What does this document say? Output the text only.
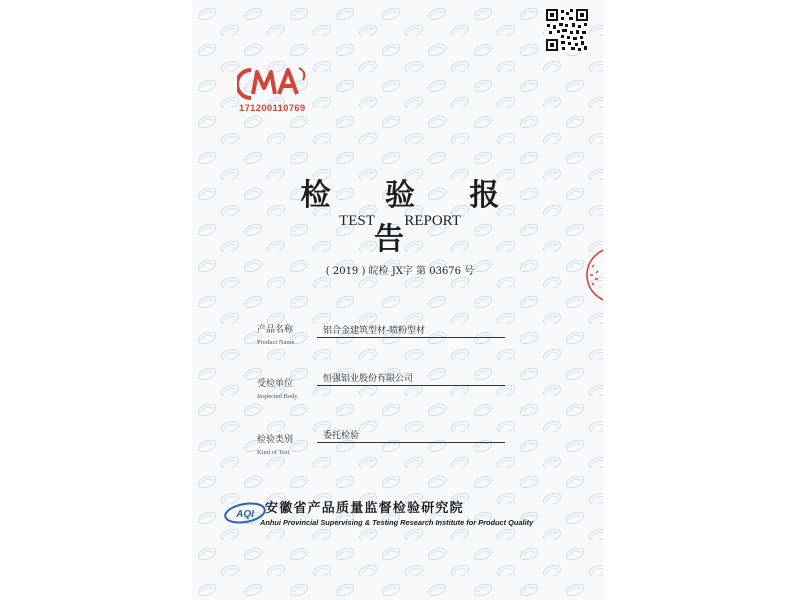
171200110769
检 验 报 告
TEST REPORT
( 2019 ) 皖检 JX字 第 03676 号
产品名称
Product Name
铝合金建筑型材-喷粉型材
受检单位
Inspected Body
恒强铝业股份有限公司
检验类别
Kind of Test
委托检验
AQI 安徽省产品质量监督检验研究院
Anhui Provincial Supervising & Testing Research Institute for Product Quality
